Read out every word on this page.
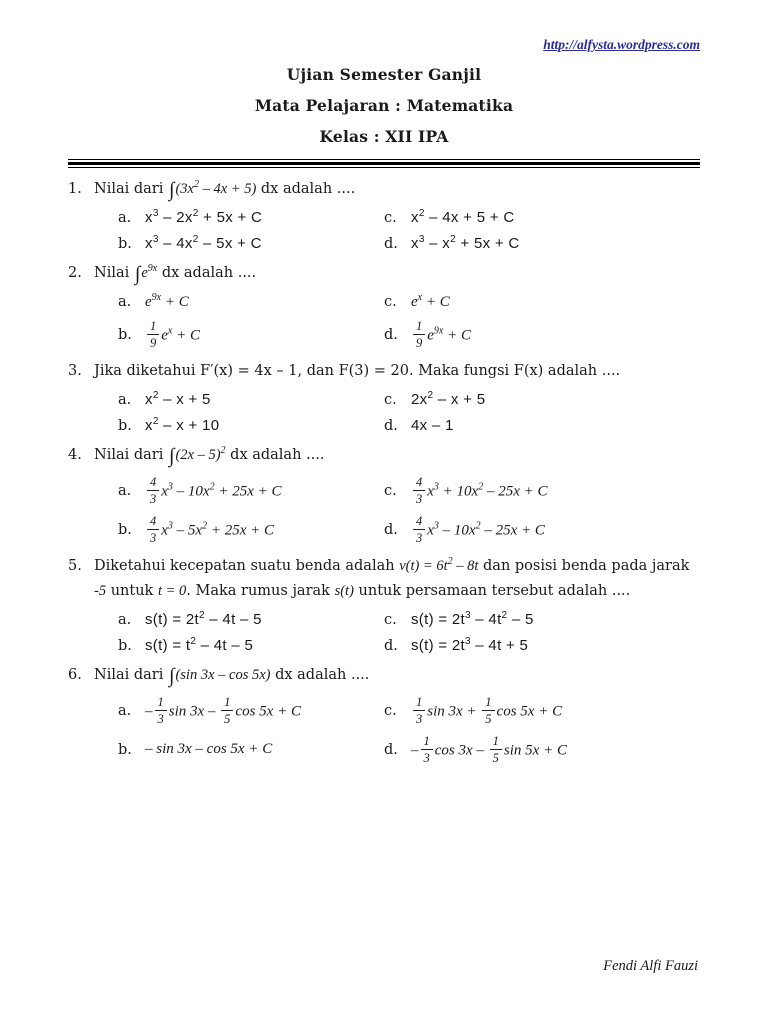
http://alfysta.wordpress.com
Ujian Semester Ganjil
Mata Pelajaran : Matematika
Kelas : XII IPA
1. Nilai dari $\int(3x^2 - 4x + 5)$ dx adalah ....
a. $x^3 - 2x^2 + 5x + C$	c. $x^2 - 4x + 5 + C$
b. $x^3 - 4x^2 - 5x + C$	d. $x^3 - x^2 + 5x + C$
2. Nilai $\int e^{9x}$ dx adalah ....
a. $e^{9x} + C$	c. $e^x + C$
b.	$\frac{1}{9} e^x + C$	d.	$\frac{1}{9} e^{9x} + C$
3. Jika diketahui F′(x) = 4x – 1, dan F(3) = 20. Maka fungsi F(x) adalah ....
a. $x^2 - x + 5$	c. $2x^2 - x + 5$
b. $x^2 - x + 10$	d. 4x – 1
4. Nilai dari ∫(2x – 5)$^2$ dx adalah ....
a.	$\frac{4}{3} x^3 - 10x^2 + 25x + C$	c.	$\frac{4}{3} x^3 + 10x^2 - 25x + C$
b.	$\frac{4}{3} x^3 - 5x^2 + 25x + C$	d.	$\frac{4}{3} x^3 - 10x^2 - 25x + C$
5. Diketahui kecepatan suatu benda adalah $v(t) = 6t^2 - 8t$ dan posisi benda pada jarak -5 untuk t = 0. Maka rumus jarak s(t) untuk persamaan tersebut adalah ....
a. $s(t) = 2t^2 - 4t - 5$	c. $s(t) = 2t^3 - 4t^2 - 5$
b. $s(t) = t^2 - 4t - 5$	d. $s(t) = 2t^3 - 4t + 5$
6. Nilai dari ∫(sin 3x – cos 5x) dx adalah ....
a. – $\frac{1}{3}$ $\sin 3x - \frac{1}{5}$ cos 5x + C	c.	$\frac{1}{3}$ $\sin 3x + \frac{1}{5}$ cos 5x + C
b. – sin 3x – cos 5x + C	d. – $\frac{1}{3}$ $\cos 3x - \frac{1}{5}$ sin 5x + C
Fendi Alfi Fauzi
